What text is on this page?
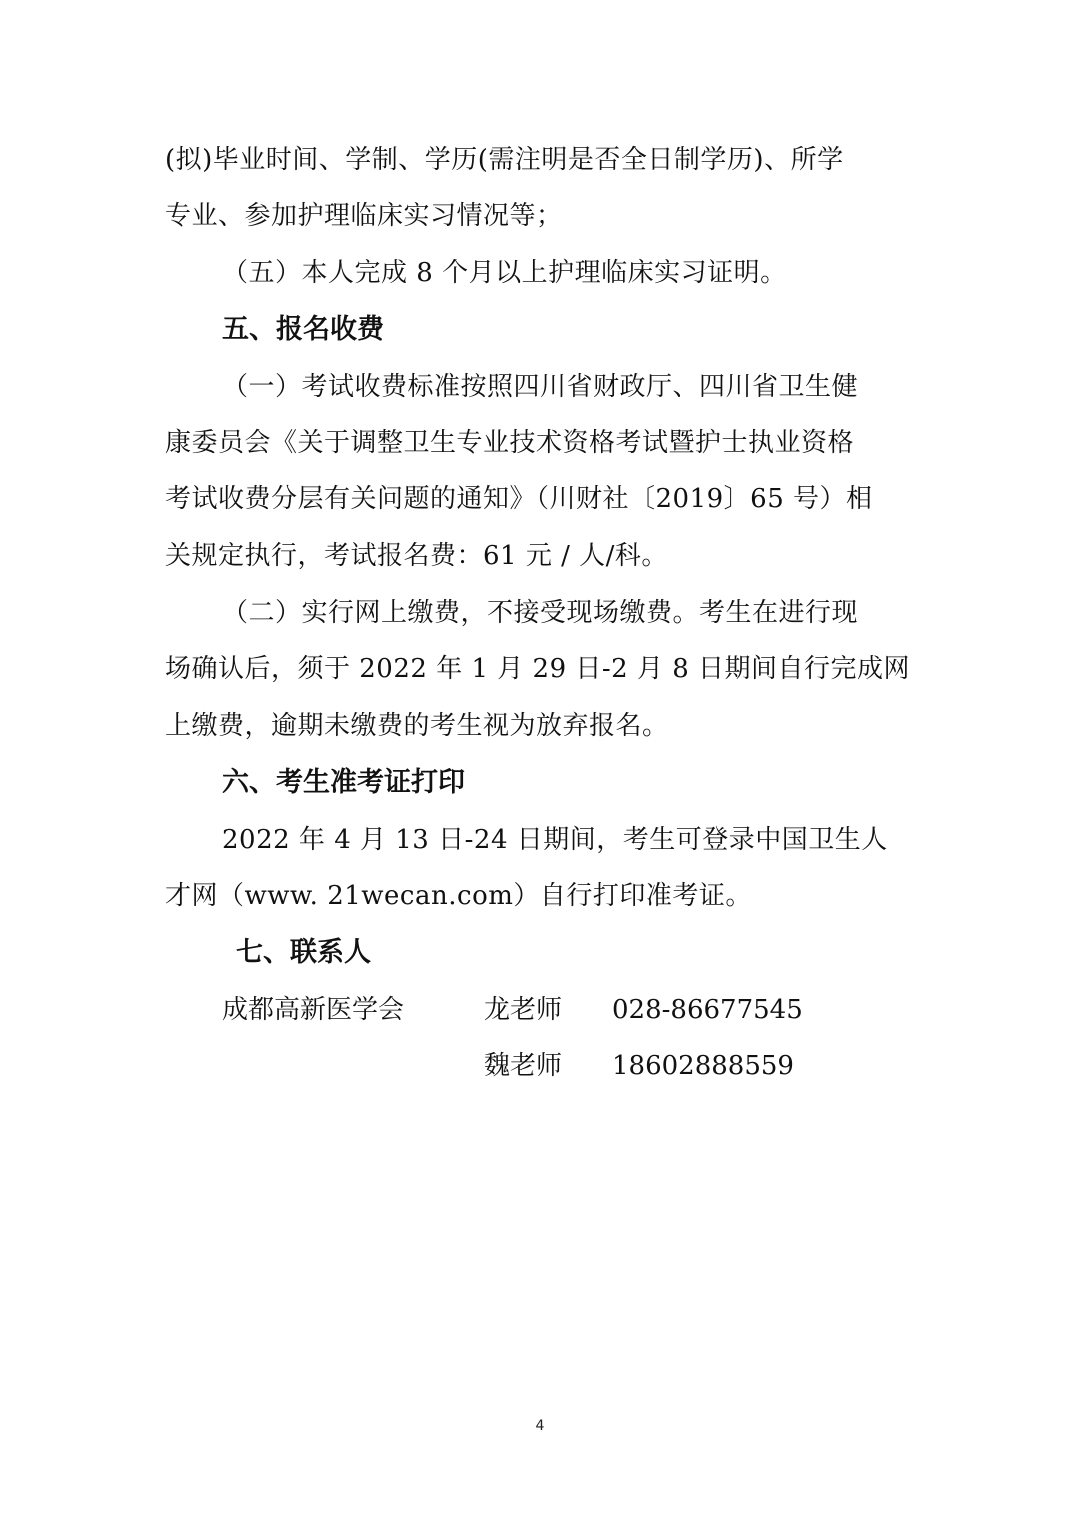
(拟)毕业时间、学制、学历(需注明是否全日制学历)、所学
专业、参加护理临床实习情况等；
（五）本人完成 8 个月以上护理临床实习证明。
五、报名收费
（一）考试收费标准按照四川省财政厅、四川省卫生健
康委员会《关于调整卫生专业技术资格考试暨护士执业资格
考试收费分层有关问题的通知》（川财社〔2019〕65 号）相
关规定执行，考试报名费：61 元 / 人/科。
（二）实行网上缴费，不接受现场缴费。考生在进行现
场确认后，须于 2022 年 1 月 29 日-2 月 8 日期间自行完成网
上缴费，逾期未缴费的考生视为放弃报名。
六、考生准考证打印
2022 年 4 月 13 日-24 日期间，考生可登录中国卫生人
才网（www. 21wecan.com）自行打印准考证。
七、联系人
成都高新医学会	龙老师 028-86677545
魏老师 18602888559
4
